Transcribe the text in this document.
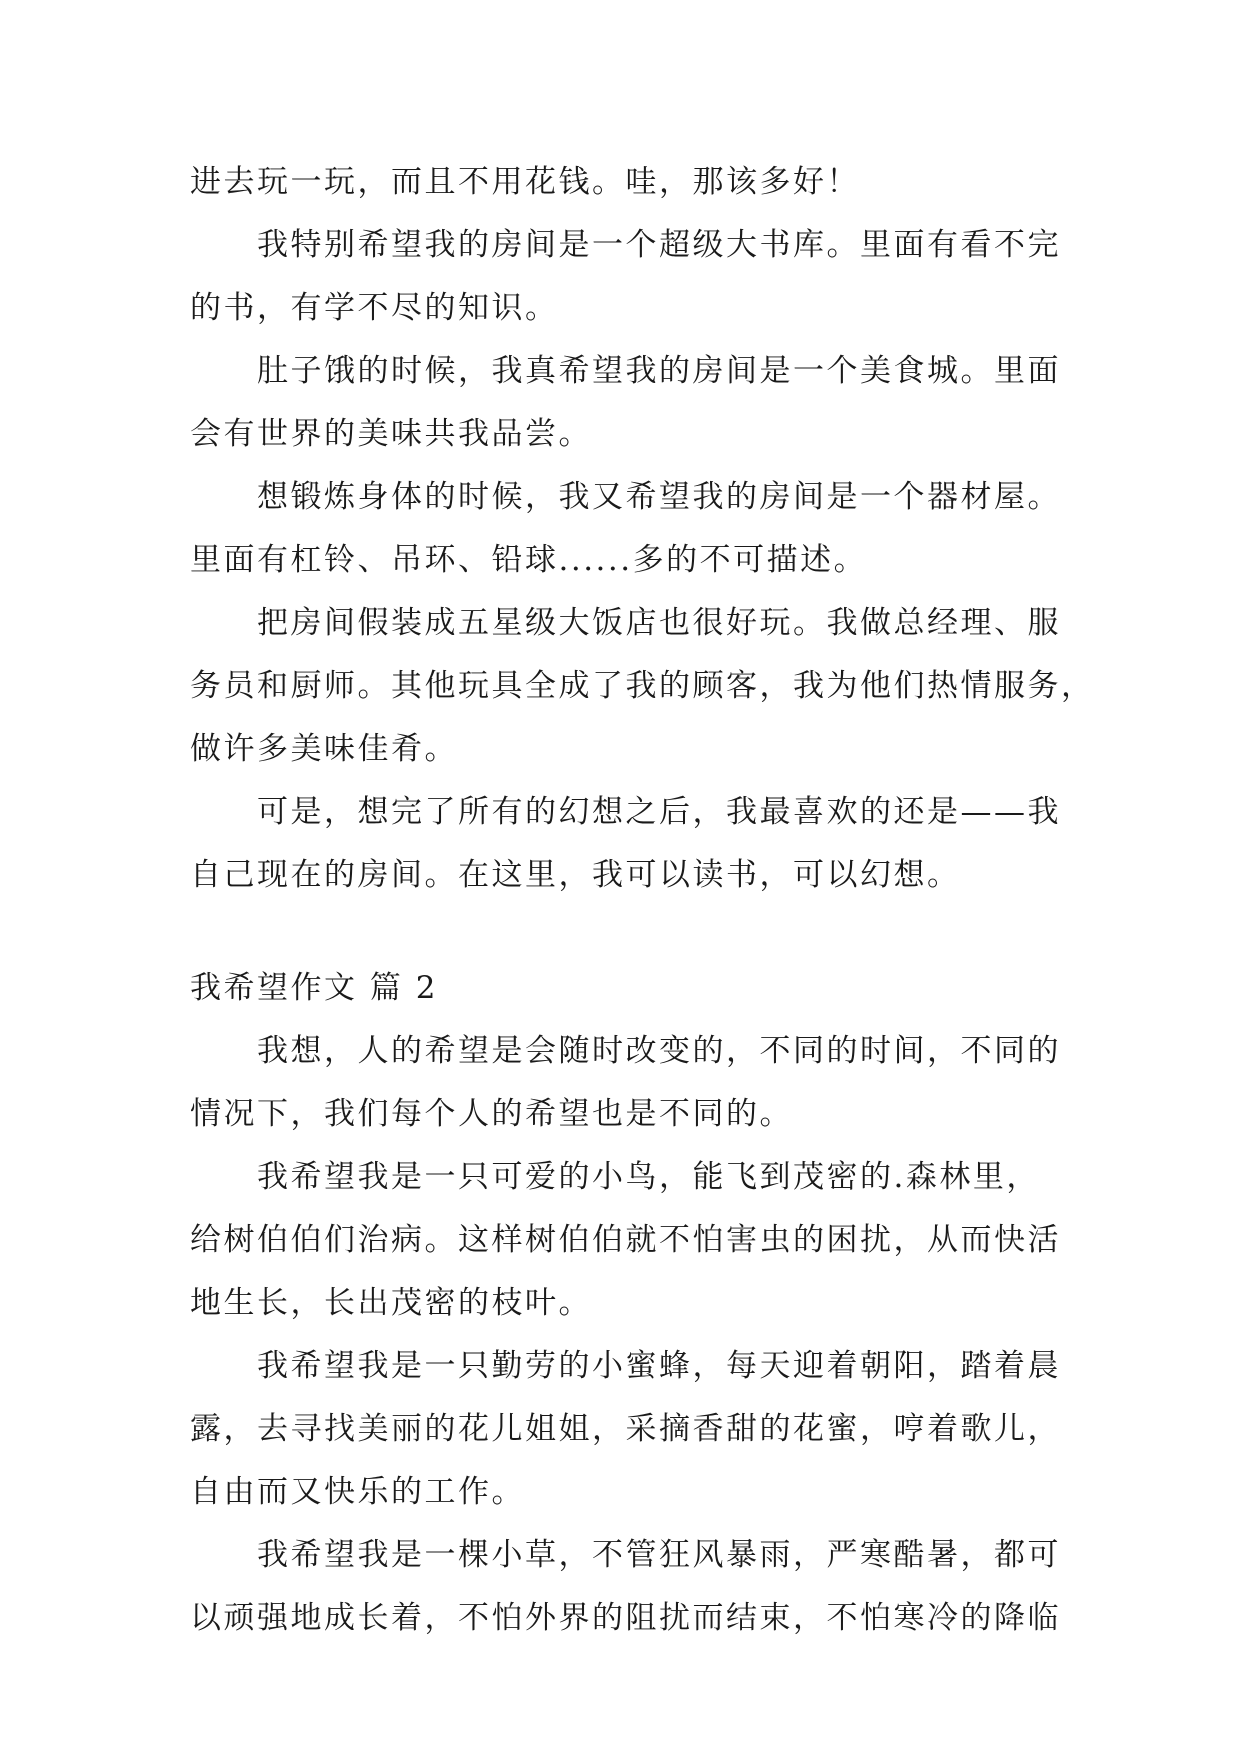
进去玩一玩，而且不用花钱。哇，那该多好！
我特别希望我的房间是一个超级大书库。里面有看不完
的书，有学不尽的知识。
肚子饿的时候，我真希望我的房间是一个美食城。里面
会有世界的美味共我品尝。
想锻炼身体的时候，我又希望我的房间是一个器材屋。
里面有杠铃、吊环、铅球......多的不可描述。
把房间假装成五星级大饭店也很好玩。我做总经理、服
务员和厨师。其他玩具全成了我的顾客，我为他们热情服务，
做许多美味佳肴。
可是，想完了所有的幻想之后，我最喜欢的还是——我
自己现在的房间。在这里，我可以读书，可以幻想。
我希望作文 篇 2
我想，人的希望是会随时改变的，不同的时间，不同的
情况下，我们每个人的希望也是不同的。
我希望我是一只可爱的小鸟，能飞到茂密的.森林里，
给树伯伯们治病。这样树伯伯就不怕害虫的困扰，从而快活
地生长，长出茂密的枝叶。
我希望我是一只勤劳的小蜜蜂，每天迎着朝阳，踏着晨
露，去寻找美丽的花儿姐姐，采摘香甜的花蜜，哼着歌儿，
自由而又快乐的工作。
我希望我是一棵小草，不管狂风暴雨，严寒酷暑，都可
以顽强地成长着，不怕外界的阻扰而结束，不怕寒冷的降临
